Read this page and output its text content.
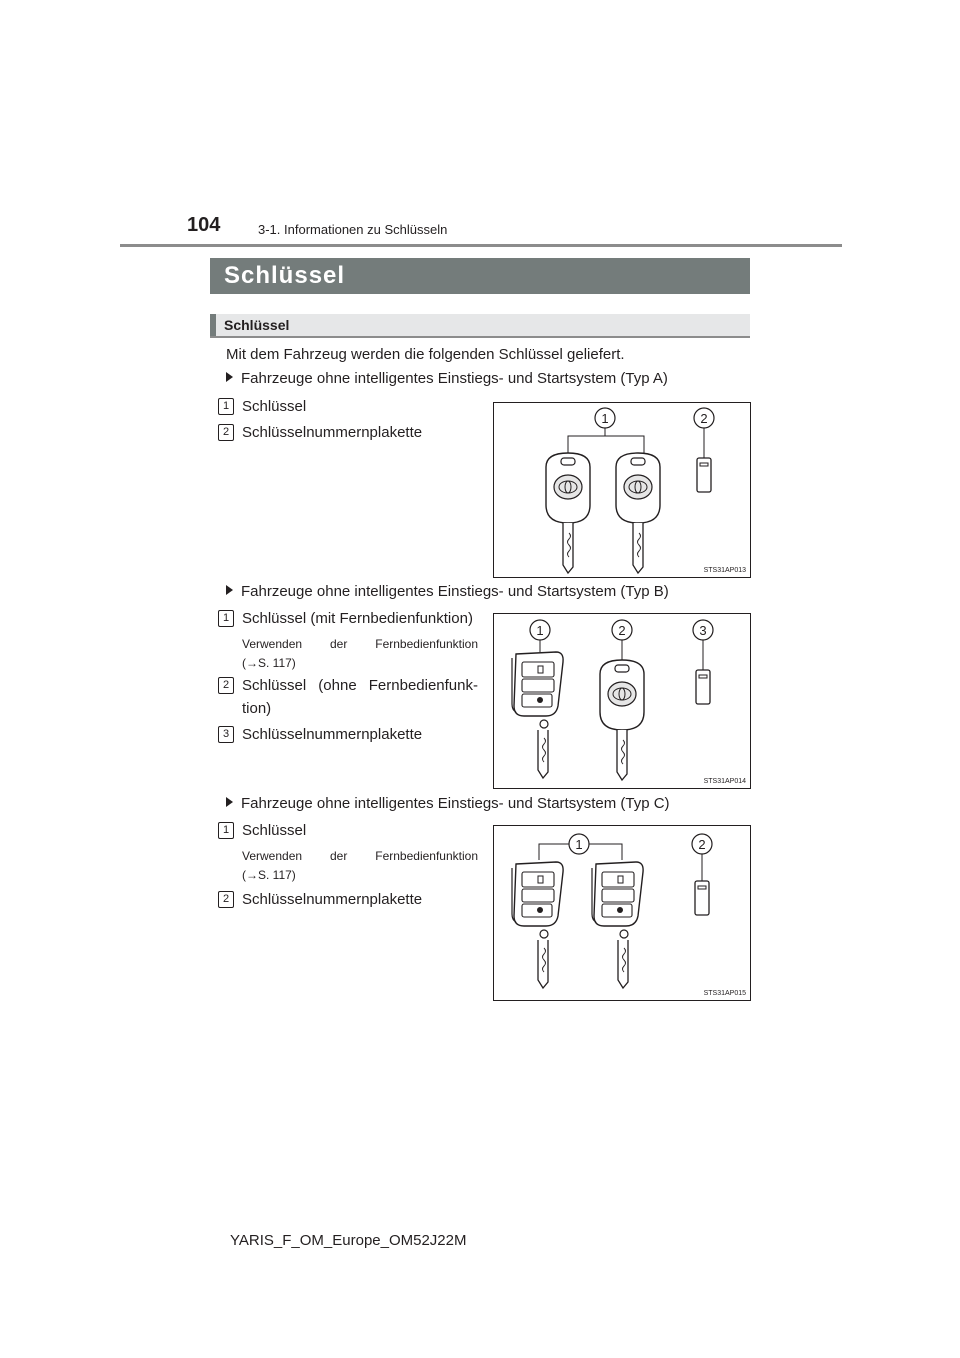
104	3-1. Informationen zu Schlüsseln
Schlüssel
Schlüssel
Mit dem Fahrzeug werden die folgenden Schlüssel geliefert.
Fahrzeuge ohne intelligentes Einstiegs- und Startsystem (Typ A)
1 Schlüssel
2 Schlüsselnummernplakette
1	2
STS31AP013
Fahrzeuge ohne intelligentes Einstiegs- und Startsystem (Typ B)
1 Schlüssel (mit Fernbedienfunktion)
Verwenden der Fernbedienfunktion
(→S. 117)
2 Schlüssel (ohne Fernbedienfunk-
tion)
3 Schlüsselnummernplakette
1	2	3
STS31AP014
Fahrzeuge ohne intelligentes Einstiegs- und Startsystem (Typ C)
1 Schlüssel
Verwenden der Fernbedienfunktion
(→S. 117)
2 Schlüsselnummernplakette
1	2
STS31AP015
YARIS_F_OM_Europe_OM52J22M
